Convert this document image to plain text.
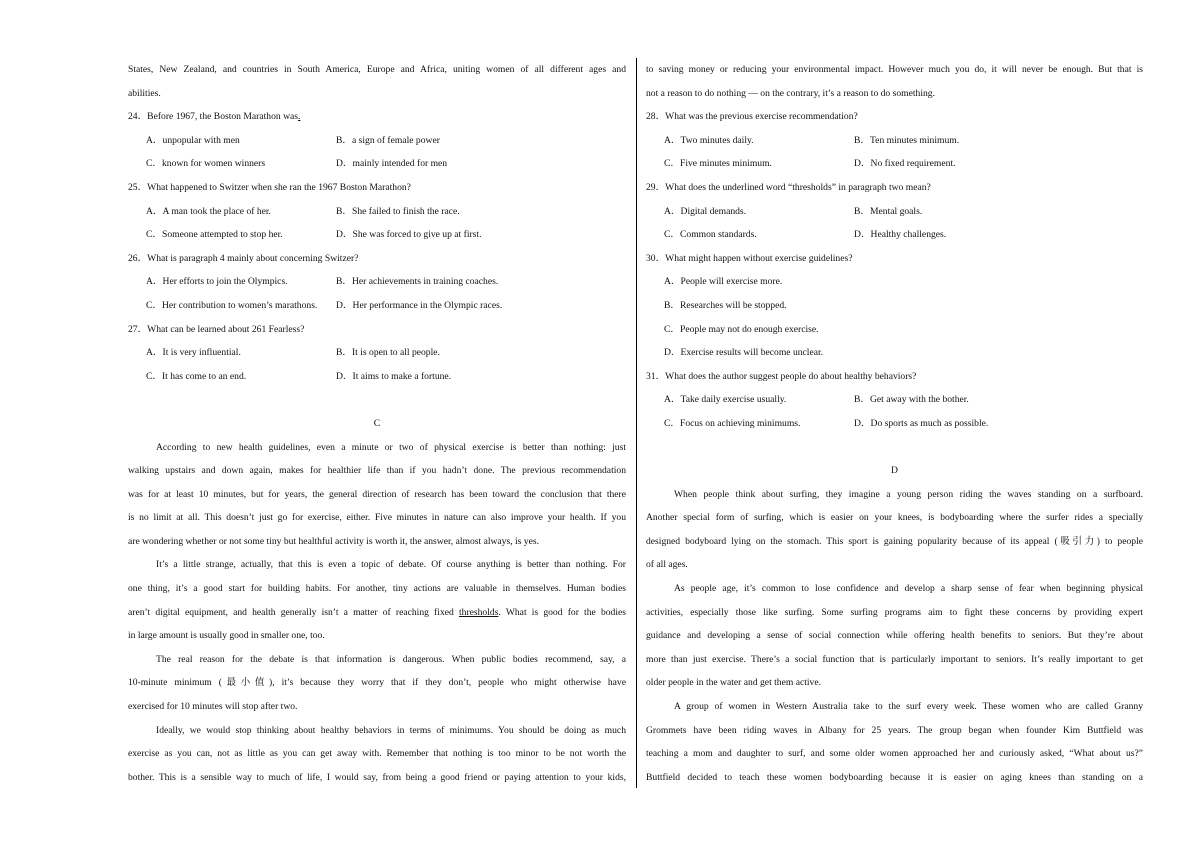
States, New Zealand, and countries in South America, Europe and Africa, uniting women of all different ages and
abilities.
24．Before 1967, the Boston Marathon was.
A．unpopular with men	B．a sign of female power
C．known for women winners	D．mainly intended for men
25．What happened to Switzer when she ran the 1967 Boston Marathon?
A．A man took the place of her.	B．She failed to finish the race.
C．Someone attempted to stop her.	D．She was forced to give up at first.
26．What is paragraph 4 mainly about concerning Switzer?
A．Her efforts to join the Olympics.	B．Her achievements in training coaches.
C．Her contribution to women’s marathons.	D．Her performance in the Olympic races.
27．What can be learned about 261 Fearless?
A．It is very influential.	B．It is open to all people.
C．It has come to an end.	D．It aims to make a fortune.
C
According to new health guidelines, even a minute or two of physical exercise is better than nothing: just
walking upstairs and down again, makes for healthier life than if you hadn’t done. The previous recommendation
was for at least 10 minutes, but for years, the general direction of research has been toward the conclusion that there
is no limit at all. This doesn’t just go for exercise, either. Five minutes in nature can also improve your health. If you
are wondering whether or not some tiny but healthful activity is worth it, the answer, almost always, is yes.
It’s a little strange, actually, that this is even a topic of debate. Of course anything is better than nothing. For
one thing, it’s a good start for building habits. For another, tiny actions are valuable in themselves. Human bodies
aren’t digital equipment, and health generally isn’t a matter of reaching fixed thresholds. What is good for the bodies
in large amount is usually good in smaller one, too.
The real reason for the debate is that information is dangerous. When public bodies recommend, say, a
10-minute minimum (最小值), it’s because they worry that if they don’t, people who might otherwise have
exercised for 10 minutes will stop after two.
Ideally, we would stop thinking about healthy behaviors in terms of minimums. You should be doing as much
exercise as you can, not as little as you can get away with. Remember that nothing is too minor to be not worth the
bother. This is a sensible way to much of life, I would say, from being a good friend or paying attention to your kids,
to saving money or reducing your environmental impact. However much you do, it will never be enough. But that is
not a reason to do nothing — on the contrary, it’s a reason to do something.
28．What was the previous exercise recommendation?
A．Two minutes daily.	B．Ten minutes minimum.
C．Five minutes minimum.	D．No fixed requirement.
29．What does the underlined word “thresholds” in paragraph two mean?
A．Digital demands.	B．Mental goals.
C．Common standards.	D．Healthy challenges.
30．What might happen without exercise guidelines?
A．People will exercise more.
B．Researches will be stopped.
C．People may not do enough exercise.
D．Exercise results will become unclear.
31．What does the author suggest people do about healthy behaviors?
A．Take daily exercise usually.	B．Get away with the bother.
C．Focus on achieving minimums.	D．Do sports as much as possible.
D
When people think about surfing, they imagine a young person riding the waves standing on a surfboard.
Another special form of surfing, which is easier on your knees, is bodyboarding where the surfer rides a specially
designed bodyboard lying on the stomach. This sport is gaining popularity because of its appeal (吸引力) to people
of all ages.
As people age, it’s common to lose confidence and develop a sharp sense of fear when beginning physical
activities, especially those like surfing. Some surfing programs aim to fight these concerns by providing expert
guidance and developing a sense of social connection while offering health benefits to seniors. But they’re about
more than just exercise. There’s a social function that is particularly important to seniors. It’s really important to get
older people in the water and get them active.
A group of women in Western Australia take to the surf every week. These women who are called Granny
Grommets have been riding waves in Albany for 25 years. The group began when founder Kim Buttfield was
teaching a mom and daughter to surf, and some older women approached her and curiously asked, “What about us?”
Buttfield decided to teach these women bodyboarding because it is easier on aging knees than standing on a
